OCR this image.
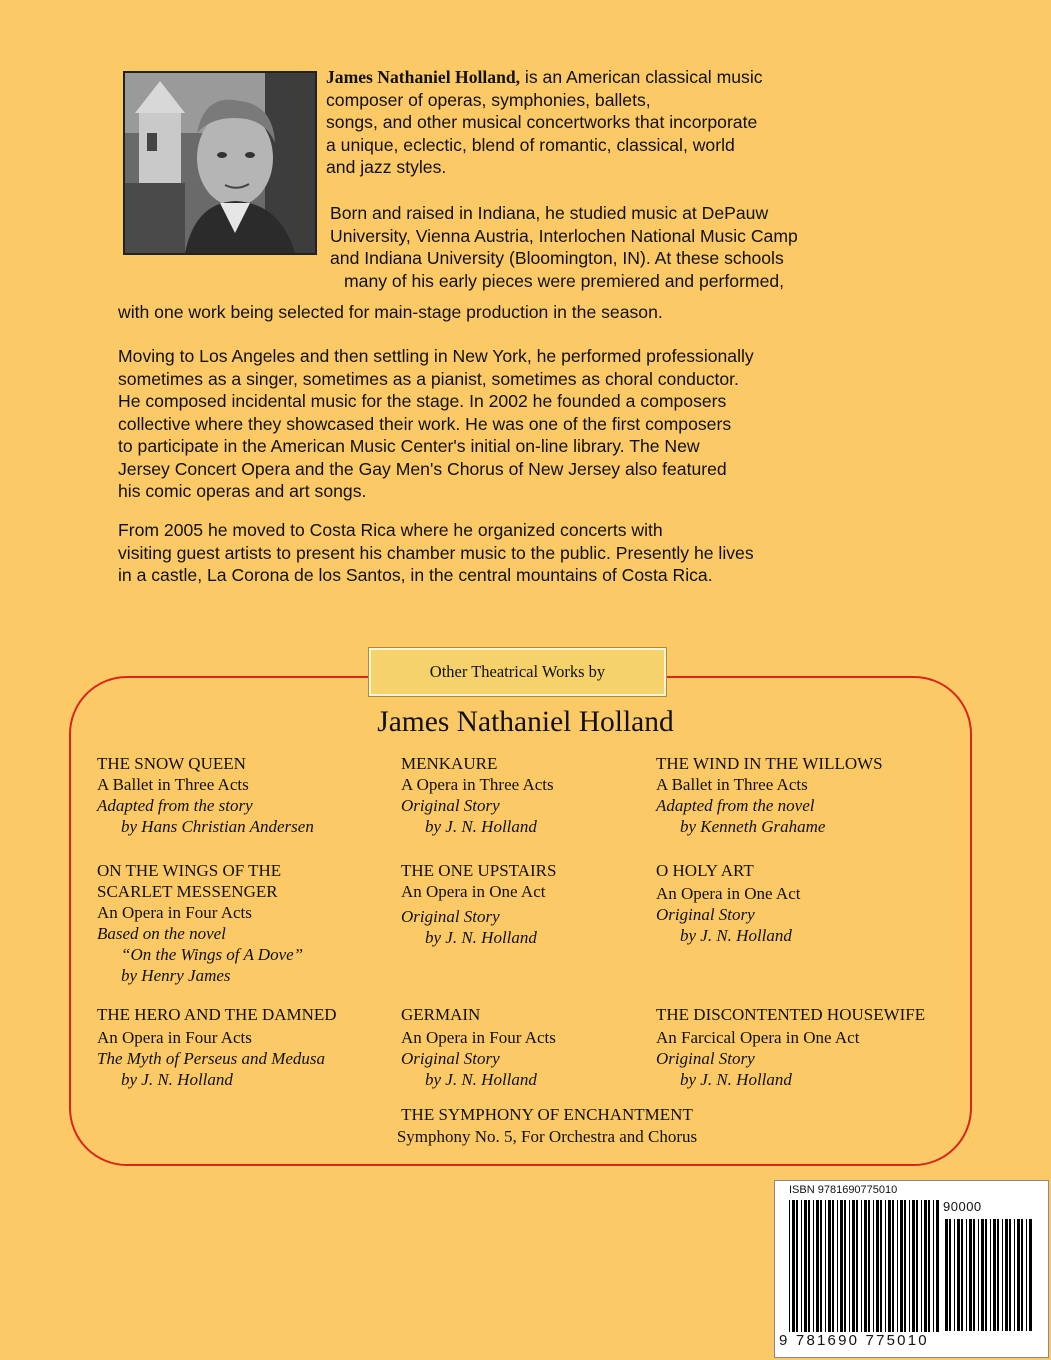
James Nathaniel Holland, is an American classical music
composer of operas, symphonies, ballets,
songs, and other musical concertworks that incorporate
a unique, eclectic, blend of romantic, classical, world
and jazz styles.

Born and raised in Indiana, he studied music at DePauw
University, Vienna Austria, Interlochen National Music Camp
and Indiana University (Bloomington, IN). At these schools
many of his early pieces were premiered and performed,

with one work being selected for main-stage production in the season.

Moving to Los Angeles and then settling in New York, he performed professionally
sometimes as a singer, sometimes as a pianist, sometimes as choral conductor.
He composed incidental music for the stage. In 2002 he founded a composers
collective where they showcased their work. He was one of the first composers
to participate in the American Music Center's initial on-line library. The New
Jersey Concert Opera and the Gay Men's Chorus of New Jersey also featured
his comic operas and art songs.

From 2005 he moved to Costa Rica where he organized concerts with
visiting guest artists to present his chamber music to the public. Presently he lives
in a castle, La Corona de los Santos, in the central mountains of Costa Rica.

Other Theatrical Works by
James Nathaniel Holland
THE SNOW QUEEN
A Ballet in Three Acts
Adapted from the story
by Hans Christian Andersen
MENKAURE
A Opera in Three Acts
Original Story
by J. N. Holland
THE WIND IN THE WILLOWS
A Ballet in Three Acts
Adapted from the novel
by Kenneth Grahame
ON THE WINGS OF THE
SCARLET MESSENGER
An Opera in Four Acts
Based on the novel
“On the Wings of A Dove”
by Henry James
THE ONE UPSTAIRS
An Opera in One Act
Original Story
by J. N. Holland
O HOLY ART
An Opera in One Act
Original Story
by J. N. Holland
THE HERO AND THE DAMNED
An Opera in Four Acts
The Myth of Perseus and Medusa
by J. N. Holland
GERMAIN
An Opera in Four Acts
Original Story
by J. N. Holland
THE DISCONTENTED HOUSEWIFE
An Farcical Opera in One Act
Original Story
by J. N. Holland
THE SYMPHONY OF ENCHANTMENT
Symphony No. 5, For Orchestra and Chorus
ISBN 9781690775010
90000
9 781690 775010
